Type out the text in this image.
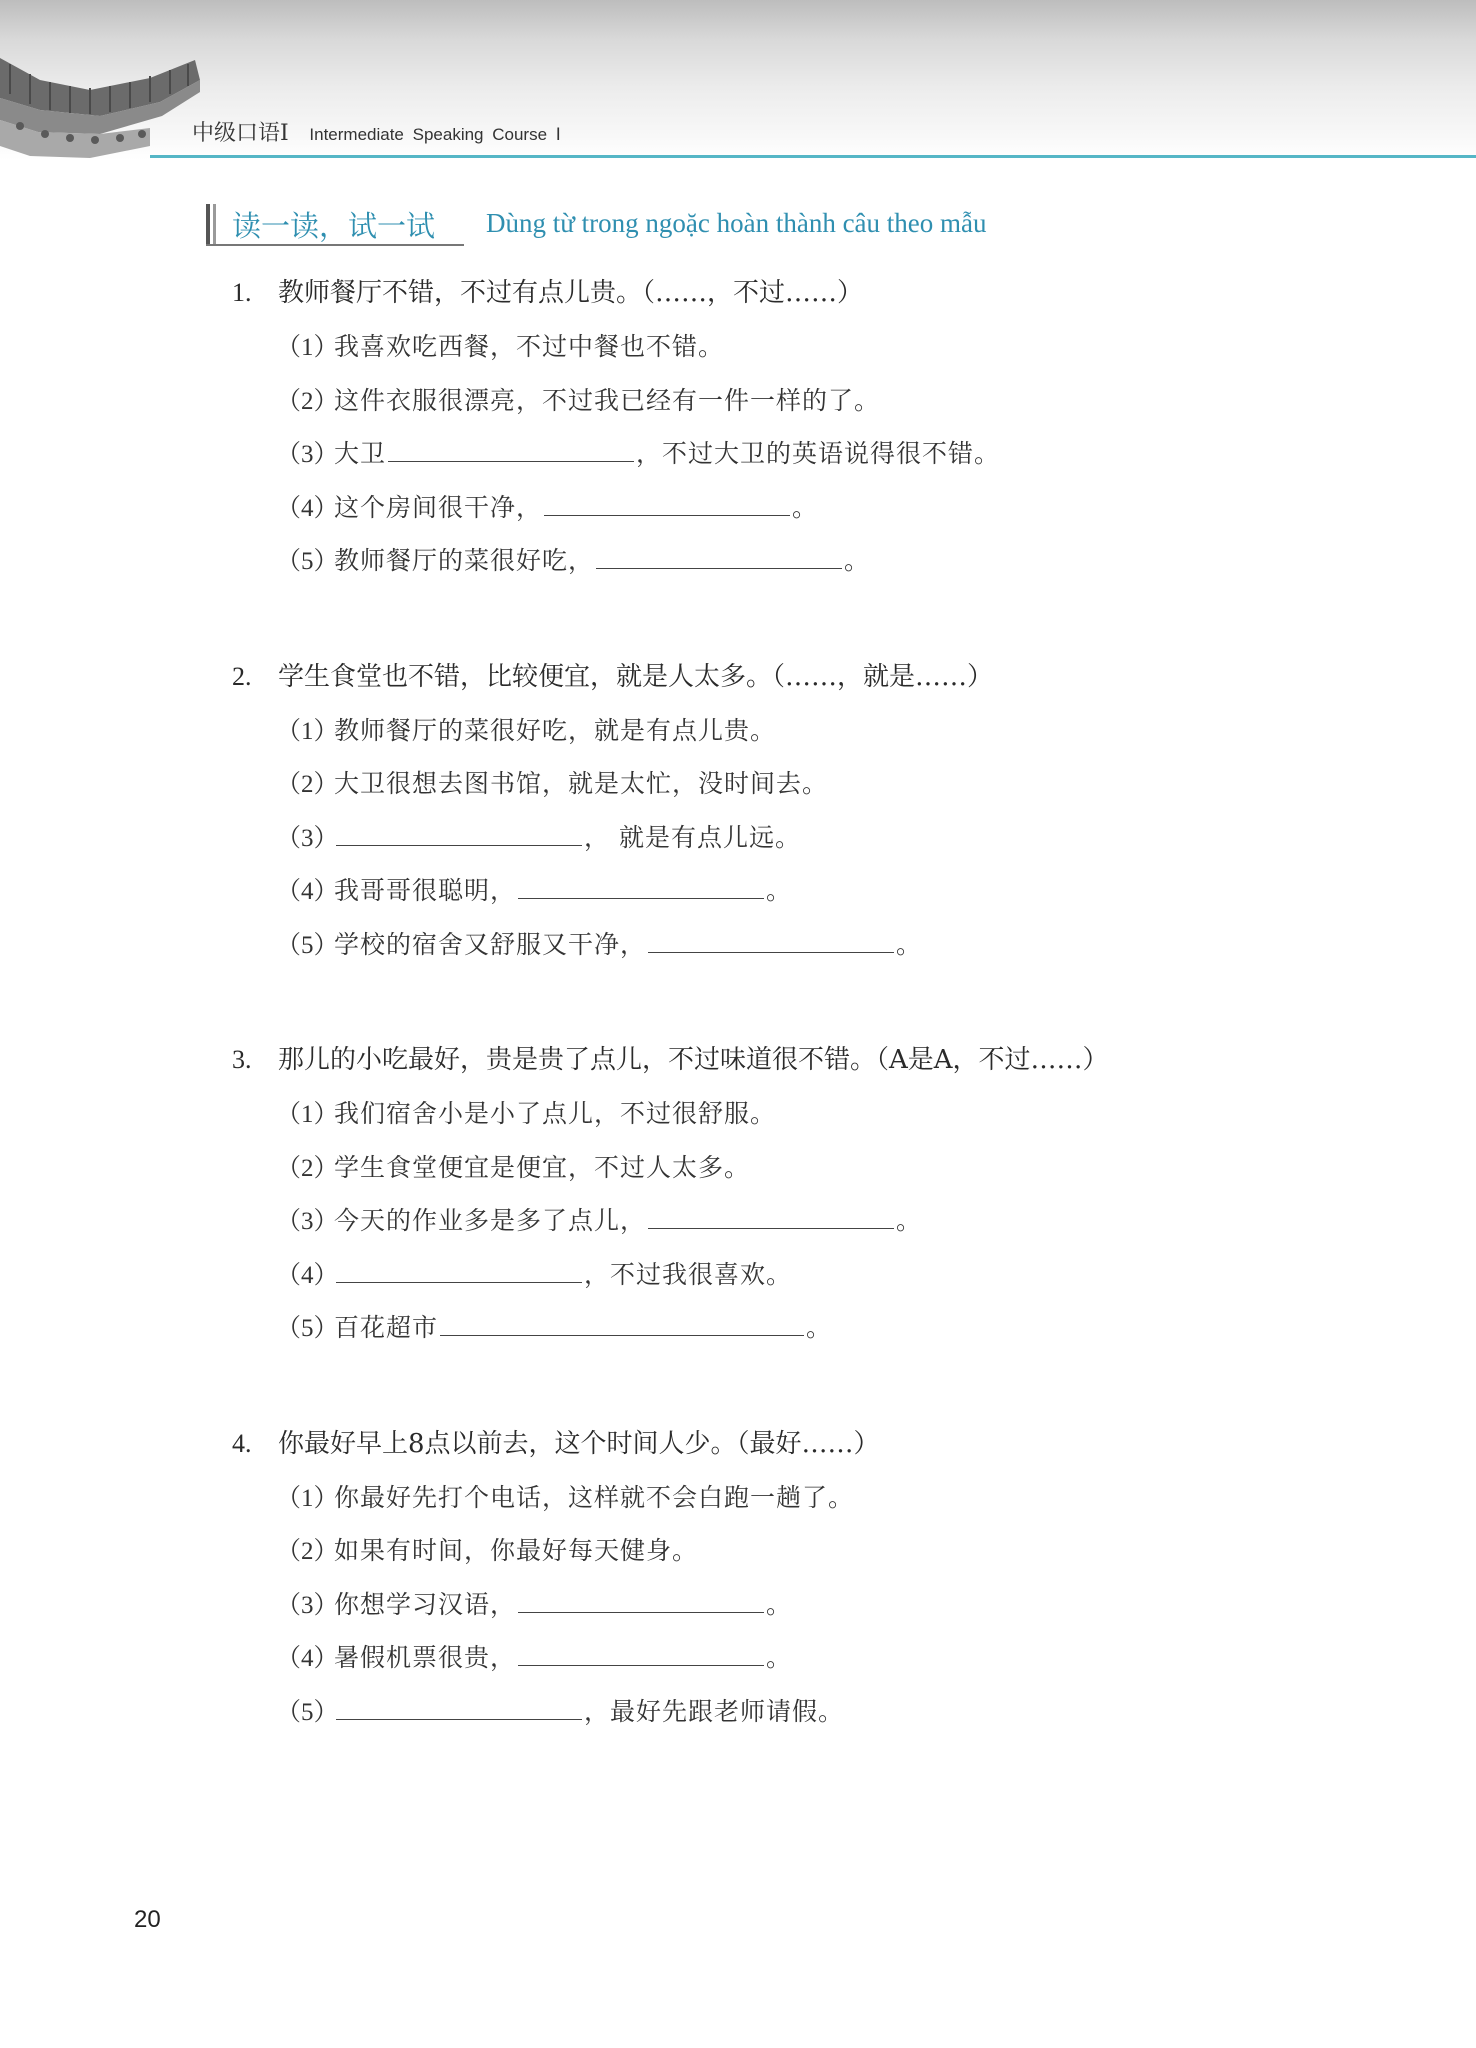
中级口语Ⅰ Intermediate Speaking Course Ⅰ
读一读，试一试 Dùng từ trong ngoặc hoàn thành câu theo mẫu
1. 教师餐厅不错，不过有点儿贵。（……，不过……）
（1）我喜欢吃西餐，不过中餐也不错。
（2）这件衣服很漂亮，不过我已经有一件一样的了。
（3）大卫	，不过大卫的英语说得很不错。
（4）这个房间很干净，	。
（5）教师餐厅的菜很好吃，	。
2. 学生食堂也不错，比较便宜，就是人太多。（……，就是……）
（1）教师餐厅的菜很好吃，就是有点儿贵。
（2）大卫很想去图书馆，就是太忙，没时间去。
（3）	， 就是有点儿远。
（4）我哥哥很聪明，	。
（5）学校的宿舍又舒服又干净，	。
3. 那儿的小吃最好，贵是贵了点儿，不过味道很不错。（A是A，不过……）
（1）我们宿舍小是小了点儿，不过很舒服。
（2）学生食堂便宜是便宜，不过人太多。
（3）今天的作业多是多了点儿，	。
（4）	，不过我很喜欢。
（5）百花超市	。
4. 你最好早上8点以前去，这个时间人少。（最好……）
（1）你最好先打个电话，这样就不会白跑一趟了。
（2）如果有时间，你最好每天健身。
（3）你想学习汉语，	。
（4）暑假机票很贵，	。
（5）	，最好先跟老师请假。
20
